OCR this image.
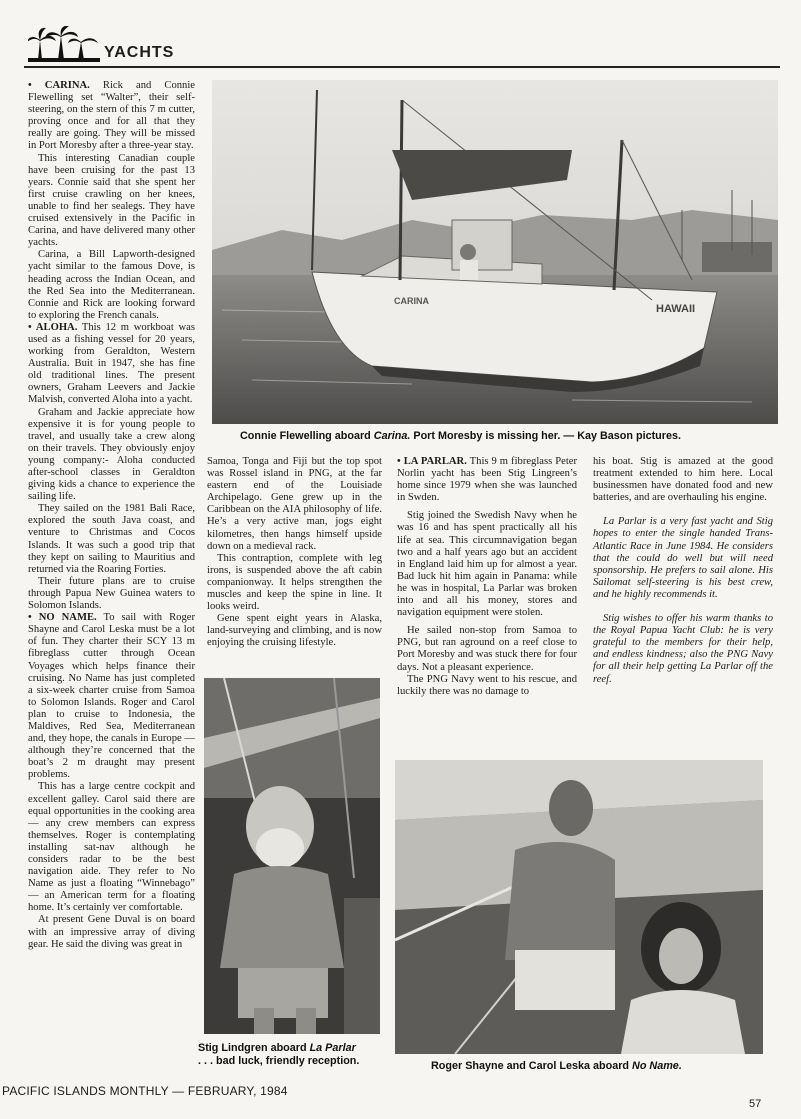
YACHTS

• CARINA. Rick and Connie Flewelling set “Walter”, their self-steering, on the stern of this 7 m cutter, proving once and for all that they really are going. They will be missed in Port Moresby after a three-year stay.

This interesting Canadian couple have been cruising for the past 13 years. Connie said that she spent her first cruise crawling on her knees, unable to find her sealegs. They have cruised extensively in the Pacific in Carina, and have delivered many other yachts.

Carina, a Bill Lapworth-designed yacht similar to the famous Dove, is heading across the Indian Ocean, and the Red Sea into the Mediterranean. Connie and Rick are looking forward to exploring the French canals.

• ALOHA. This 12 m workboat was used as a fishing vessel for 20 years, working from Geraldton, Western Australia. Buit in 1947, she has fine old traditional lines. The present owners, Graham Leevers and Jackie Malvish, converted Aloha into a yacht.

Graham and Jackie appreciate how expensive it is for young people to travel, and usually take a crew along on their travels. They obviously enjoy young company:- Aloha conducted after-school classes in Geraldton giving kids a chance to experience the sailing life.

They sailed on the 1981 Bali Race, explored the south Java coast, and venture to Christmas and Cocos Islands. It was such a good trip that they kept on sailing to Mauritius and returned via the Roaring Forties.

Their future plans are to cruise through Papua New Guinea waters to Solomon Islands.

• NO NAME. To sail with Roger Shayne and Carol Leska must be a lot of fun. They charter their SCY 13 m fibreglass cutter through Ocean Voyages which helps finance their cruising. No Name has just completed a six-week charter cruise from Samoa to Solomon Islands. Roger and Carol plan to cruise to Indonesia, the Maldives, Red Sea, Mediterranean and, they hope, the canals in Europe — although they’re concerned that the boat’s 2 m draught may present problems.

This has a large centre cockpit and excellent galley. Carol said there are equal opportunities in the cooking area — any crew members can express themselves. Roger is contemplating installing sat-nav although he considers radar to be the best navigation aide. They refer to No Name as just a floating “Winnebago” — an American term for a floating home. It’s certainly ver comfortable.

At present Gene Duval is on board with an impressive array of diving gear. He said the diving was great in

CARINA
HAWAII
Connie Flewelling aboard Carina. Port Moresby is missing her. — Kay Bason pictures.

Samoa, Tonga and Fiji but the top spot was Rossel island in PNG, at the far eastern end of the Louisiade Archipelago. Gene grew up in the Caribbean on the AIA philosophy of life. He’s a very active man, jogs eight kilometres, then hangs himself upside down on a medieval rack.

This contraption, complete with leg irons, is suspended above the aft cabin companionway. It helps strengthen the muscles and keep the spine in line. It looks weird.

Gene spent eight years in Alaska, land-surveying and climbing, and is now enjoying the cruising lifestyle.

• LA PARLAR. This 9 m fibreglass Peter Norlin yacht has been Stig Lingreen’s home since 1979 when she was launched in Swden.

Stig joined the Swedish Navy when he was 16 and has spent practically all his life at sea. This circumnavigation began two and a half years ago but an accident in England laid him up for almost a year. Bad luck hit him again in Panama: while he was in hospital, La Parlar was broken into and all his money, stores and navigation equipment were stolen.

He sailed non-stop from Samoa to PNG, but ran aground on a reef close to Port Moresby and was stuck there for four days. Not a pleasant experience.

The PNG Navy went to his rescue, and luckily there was no damage to

his boat. Stig is amazed at the good treatment extended to him here. Local businessmen have donated food and new batteries, and are overhauling his engine.

La Parlar is a very fast yacht and Stig hopes to enter the single handed Trans-Atlantic Race in June 1984. He considers that the could do well but will need sponsorship. He prefers to sail alone. His Sailomat self-steering is his best crew, and he highly recommends it.

Stig wishes to offer his warm thanks to the Royal Papua Yacht Club: he is very grateful to the members for their help, and endless kindness; also the PNG Navy for all their help getting La Parlar off the reef.

Stig Lindgren aboard La Parlar
. . . bad luck, friendly reception.	Roger Shayne and Carol Leska aboard No Name.
PACIFIC ISLANDS MONTHLY — FEBRUARY, 1984
57
